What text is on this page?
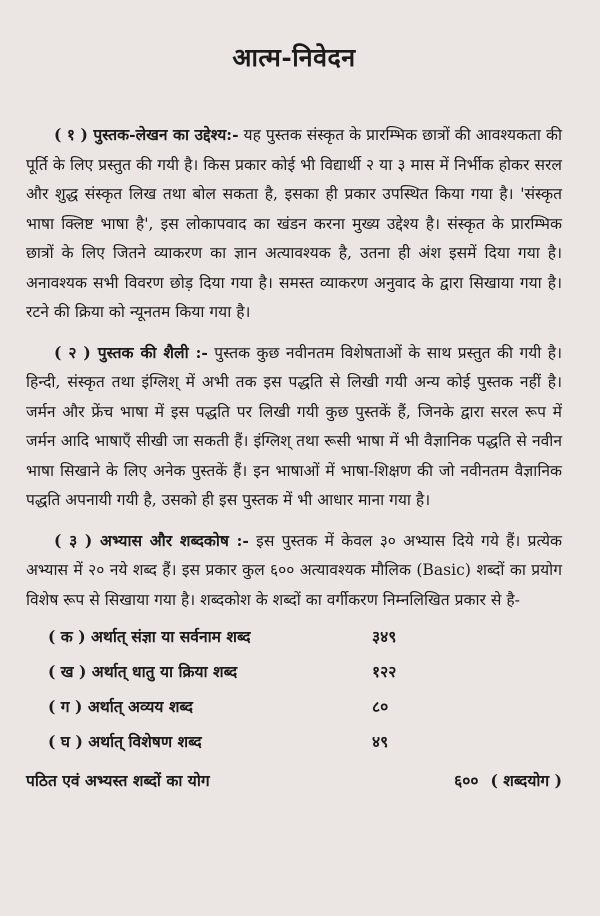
आत्म-निवेदन

( १ ) पुस्तक-लेखन का उद्देश्य:- यह पुस्तक संस्कृत के प्रारम्भिक छात्रों की आवश्यकता की पूर्ति के लिए प्रस्तुत की गयी है। किस प्रकार कोई भी विद्यार्थी २ या ३ मास में निर्भीक होकर सरल और शुद्ध संस्कृत लिख तथा बोल सकता है, इसका ही प्रकार उपस्थित किया गया है। 'संस्कृत भाषा क्लिष्ट भाषा है', इस लोकापवाद का खंडन करना मुख्य उद्देश्य है। संस्कृत के प्रारम्भिक छात्रों के लिए जितने व्याकरण का ज्ञान अत्यावश्यक है, उतना ही अंश इसमें दिया गया है। अनावश्यक सभी विवरण छोड़ दिया गया है। समस्त व्याकरण अनुवाद के द्वारा सिखाया गया है। रटने की क्रिया को न्यूनतम किया गया है।

( २ ) पुस्तक की शैली :- पुस्तक कुछ नवीनतम विशेषताओं के साथ प्रस्तुत की गयी है। हिन्दी, संस्कृत तथा इंग्लिश् में अभी तक इस पद्धति से लिखी गयी अन्य कोई पुस्तक नहीं है। जर्मन और फ्रेंच भाषा में इस पद्धति पर लिखी गयी कुछ पुस्तकें हैं, जिनके द्वारा सरल रूप में जर्मन आदि भाषाएँ सीखी जा सकती हैं। इंग्लिश् तथा रूसी भाषा में भी वैज्ञानिक पद्धति से नवीन भाषा सिखाने के लिए अनेक पुस्तकें हैं। इन भाषाओं में भाषा-शिक्षण की जो नवीनतम वैज्ञानिक पद्धति अपनायी गयी है, उसको ही इस पुस्तक में भी आधार माना गया है।

( ३ ) अभ्यास और शब्दकोष :- इस पुस्तक में केवल ३० अभ्यास दिये गये हैं। प्रत्येक अभ्यास में २० नये शब्द हैं। इस प्रकार कुल ६०० अत्यावश्यक मौलिक (Basic) शब्दों का प्रयोग विशेष रूप से सिखाया गया है। शब्दकोश के शब्दों का वर्गीकरण निम्नलिखित प्रकार से है-

( क ) अर्थात् संज्ञा या सर्वनाम शब्द	३४९
( ख ) अर्थात् धातु या क्रिया शब्द	१२२
( ग ) अर्थात् अव्यय शब्द	८०
( घ ) अर्थात् विशेषण शब्द	४९
पठित एवं अभ्यस्त शब्दों का योग	६०० ( शब्दयोग )
